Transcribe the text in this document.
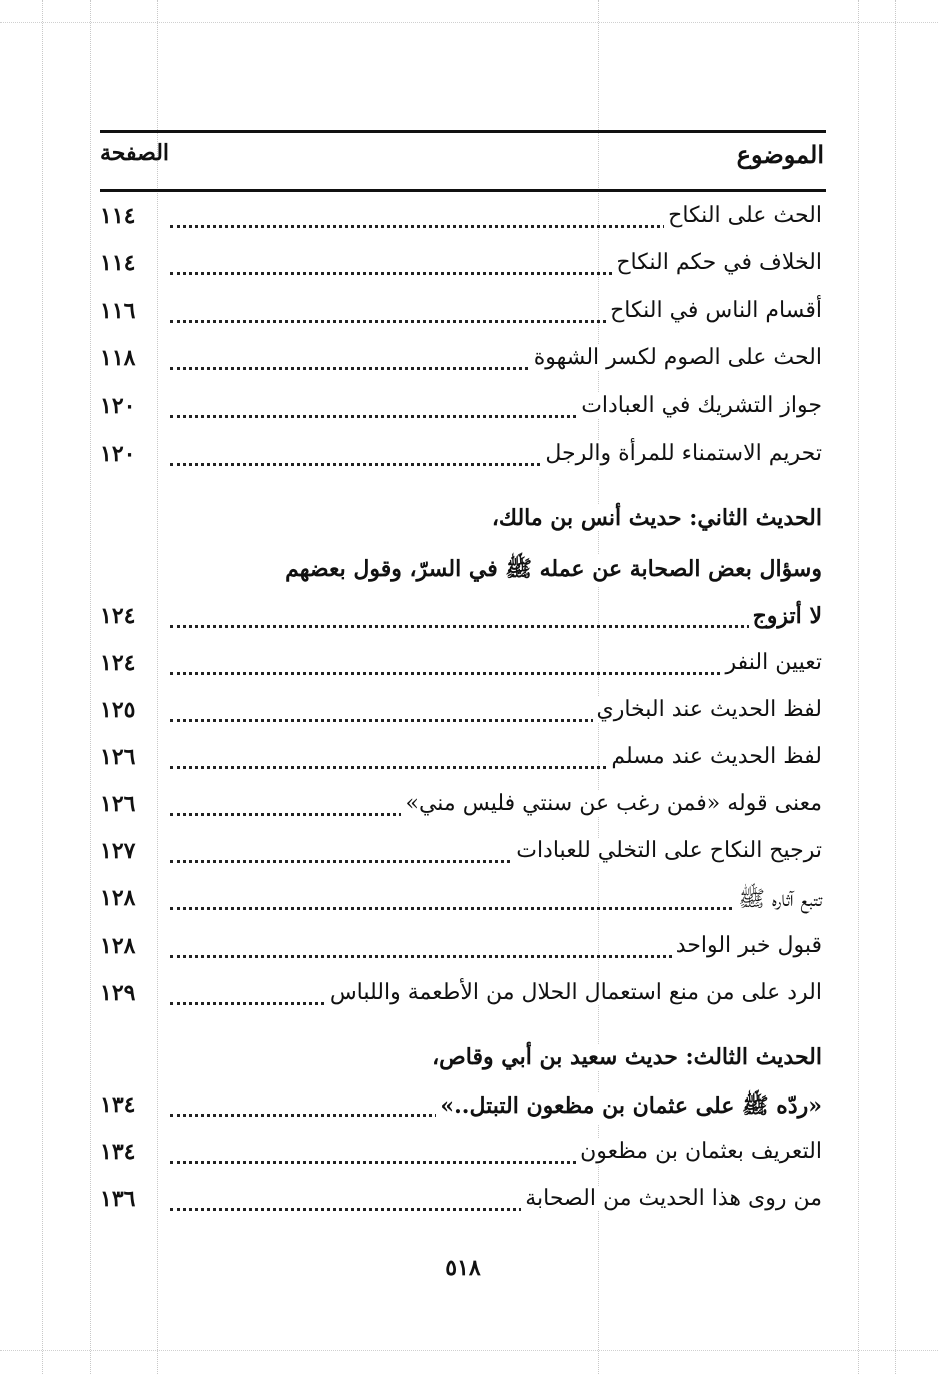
الموضوع
الصفحة
الحث على النكاح
١١٤
الخلاف في حكم النكاح
١١٤
أقسام الناس في النكاح
١١٦
الحث على الصوم لكسر الشهوة
١١٨
جواز التشريك في العبادات
١٢٠
تحريم الاستمناء للمرأة والرجل
١٢٠
الحديث الثاني: حديث أنس بن مالك،
وسؤال بعض الصحابة عن عمله ﷺ في السرّ، وقول بعضهم
لا أتزوج
١٢٤
تعيين النفر
١٢٤
لفظ الحديث عند البخاري
١٢٥
لفظ الحديث عند مسلم
١٢٦
معنى قوله «فمن رغب عن سنتي فليس مني»
١٢٦
ترجيح النكاح على التخلي للعبادات
١٢٧
تتبع آثاره ﷺ
١٢٨
قبول خبر الواحد
١٢٨
الرد على من منع استعمال الحلال من الأطعمة واللباس
١٢٩
الحديث الثالث: حديث سعيد بن أبي وقاص،
«ردّه ﷺ على عثمان بن مظعون التبتل..»
١٣٤
التعريف بعثمان بن مظعون
١٣٤
من روى هذا الحديث من الصحابة
١٣٦
٥١٨
